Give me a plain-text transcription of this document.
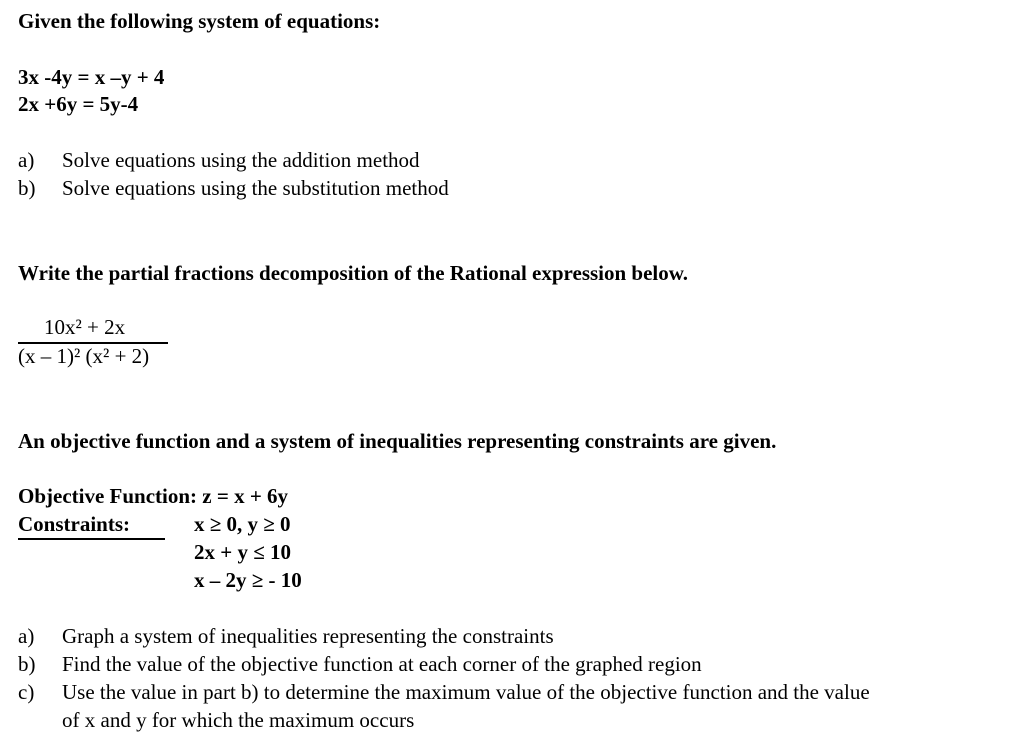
Given the following system of equations:
3x -4y = x –y + 4
2x +6y = 5y-4
a) Solve equations using the addition method
b) Solve equations using the substitution method
Write the partial fractions decomposition of the Rational expression below.
10x² + 2x
(x – 1)² (x² + 2)
An objective function and a system of inequalities representing constraints are given.
Objective Function: z = x + 6y
Constraints:	x ≥ 0, y ≥ 0
2x + y ≤ 10
x – 2y ≥ - 10
a) Graph a system of inequalities representing the constraints
b) Find the value of the objective function at each corner of the graphed region
c) Use the value in part b) to determine the maximum value of the objective function and the value
of x and y for which the maximum occurs
